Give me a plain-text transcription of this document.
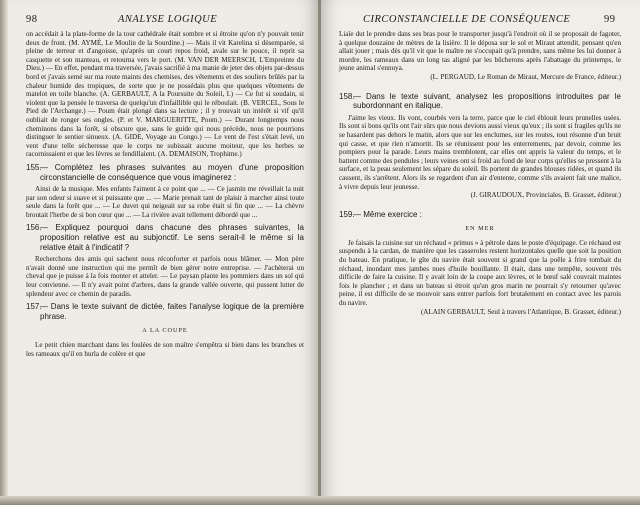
98	ANALYSE LOGIQUE

on accédait à la plate-forme de la tour cathédrale était sombre et si étroite qu'on n'y pouvait tenir deux de front. (M. AYMÉ, Le Moulin de la Sourdine.) — Mais il vit Karelina si désemparée, si pleine de terreur et d'angoisse, qu'après un court repos froid, avale sur le pouce, il reprit sa casquette et son manteau, et retourna vers le port. (M. VAN DER MEERSCH, L'Empreinte du Dieu.) — En effet, pendant ma traversée, j'avais sacrifié à ma manie de jeter des objets par-dessus bord et j'avais semé sur ma route maints des chemises, des vêtements et des souliers brûlés par la chaleur humide des tropiques, de sorte que je ne possédais plus que quelques vêtements de matelot en toile blanche. (A. GERBAULT, A la Poursuite du Soleil, I.) — Ce fut si soudain, si violent que la pensée le traversa de quelqu'un d'infaillible qui le réboulait. (B. VERCEL, Sous le Pied de l'Archange.) — Poum était plongé dans sa lecture ; il y trouvait un intérêt si vif qu'il oubliait de ronger ses ongles. (P. et V. MARGUERITTE, Poum.) — Durant longtemps nous cheminons dans la forêt, si obscure que, sans le guide qui nous précède, nous ne pourrions distinguer le sentier sinueux. (A. GIDE, Voyage au Congo.) — Le vent de l'est s'était levé, un vent d'une telle sécheresse que le corps ne subissait aucune moiteur, que les herbes se racornissaient et que les lèvres se fendillaient. (A. DEMAISON, Trophime.)

155.— Complétez les phrases suivantes au moyen d'une proposition circonstancielle de conséquence que vous imaginerez :

Ainsi de la musique. Mes enfants l'aiment à ce point que ... — Ce jasmin me réveillait la nuit par son odeur si suave et si puissante que ... — Marie prenait tant de plaisir à marcher ainsi toute seule dans la forêt que ... — Le duvet qui neigeait sur sa robe était si fin que ... — La chèvre broutait l'herbe de si bon cœur que ... — La rivière avait tellement débordé que ...

156.— Expliquez pourquoi dans chacune des phrases suivantes, la proposition relative est au subjonctif. Le sens serait-il le même si la relative était à l'indicatif ?

Recherchons des amis qui sachent nous réconforter et parfois nous blâmer. — Mon père n'avait donné une instruction qui me permît de bien gérer notre entreprise. — J'achèterai un cheval que je puisse à la fois monter et atteler. — Le paysan plante les pommiers dans un sol qui leur convienne. — Il n'y avait point d'arbres, dans la grande vallée ouverte, qui pussent lutter de splendeur avec ce chemin de paradis.

157.— Dans le texte suivant de dictée, faites l'analyse logique de la première phrase.
A LA COUPE

Le petit chien marchant dans les foulées de son maître s'empêtra si bien dans les branches et les rameaux qu'il en hurla de colère et que

CIRCONSTANCIELLE DE CONSÉQUENCE	99

Liaïe dut le prendre dans ses bras pour le transporter jusqu'à l'endroit où il se proposait de fagoter, à quelque douzaine de mètres de la lisière. Il le déposa sur le sol et Miraut attendit, pensant qu'en allait jouer ; mais dès qu'il vit que le maître ne s'occupait qu'à prendre, sans même les lui donner à mordre, les rameaux dans un long tas aligné par les bûcherons après l'abattage du printemps, le jeune animal s'ennuya.

(L. PERGAUD, Le Roman de Miraut, Mercure de France, éditeur.)

158.— Dans le texte suivant, analysez les propositions introduites par le subordonnant en italique.

J'aime les vieux. Ils vont, courbés vers la terre, parce que le ciel éblouit leurs prunelles usées. Ils sont si bons qu'ils ont l'air sûrs que nous devions aussi vieux qu'eux ; ils sont si fragiles qu'ils ne se hasardent pas dehors le matin, alors que sur les enclumes, sur les routes, tout résonne d'un bruit qui casse, et que rien n'amortit. Ils se réunissent pour les enterrements, par devoir, comme les pompiers pour la parade. Leurs mains tremblotent, car elles ont appris la valeur du temps, et le battent comme des pendules ; leurs veines ont si froid au fond de leur corps qu'elles se pressent à la surface, et la peau seulement les sépare du soleil. Ils portent de grandes blouses ridées, et quand ils causent, ils s'arrêtent. Alors ils se regardent d'un air d'entente, comme s'ils avaient fait une malice, à vivre depuis leur jeunesse.

(J. GIRAUDOUX, Provinciales, B. Grasset, éditeur.)

159.— Même exercice :
EN MER

Je faisais la cuisine sur un réchaud « primus » à pétrole dans le poste d'équipage. Ce réchaud est suspendu à la cardan, de manière que les casseroles restent horizontales quelle que soit la position du bateau. En pratique, le gîte du navire était souvent si grand que la poêle à frire tombait du réchaud, inondant mes jambes nues d'huile bouillante. Il était, dans une tempête, souvent très difficile de faire la cuisine. Il y avait loin de la coupe aux lèvres, et le bœuf salé couvrait maintes fois le plancher ; et dans un bateau si étroit qu'un gros marin ne pourrait s'y retourner qu'avec peine, il est difficile de se mouvoir sans entrer parfois fort brutalement en contact avec les parois du navire.

(ALAIN GERBAULT, Seul à travers l'Atlantique, B. Grasset, éditeur.)
